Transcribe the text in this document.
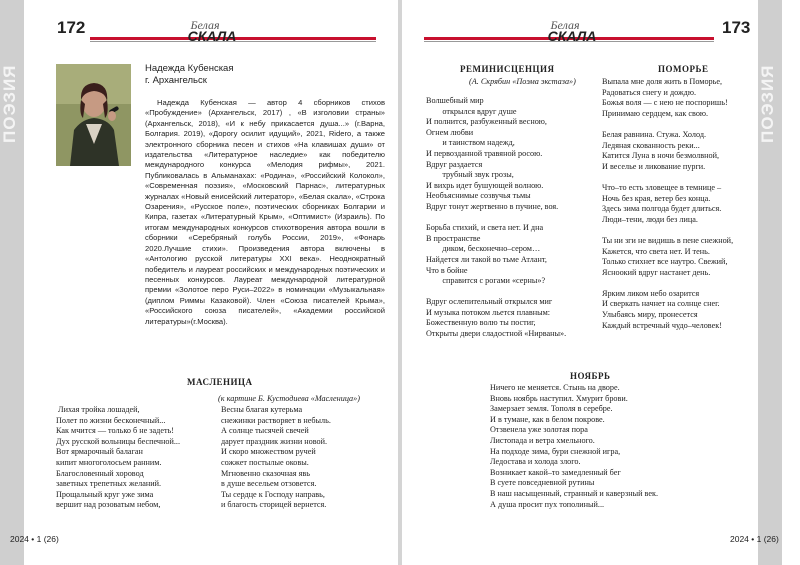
172	Белая
СКАЛА
ПОЭЗИЯ	Надежда Кубенская
г. Архангельск

Надежда Кубенская — автор 4 сборников стихов «Пробуждение» (Архангельск, 2017) , «В изголовии страны» (Архангельск, 2018), «И к небу прикасается душа...» (г.Варна, Болгария. 2019), «Дорогу осилит идущий», 2021, Ridero, а также электронного сборника песен и стихов «На клавишах души» от издательства «Литературное наследие» как победителю международного конкурса «Мелодия рифмы», 2021. Публиковалась в Альманахах: «Родина», «Российский Колокол», «Современная поэзия», «Московский Парнас», литературных журналах «Новый енисейский литератор», «Белая скала», «Строка Озарения», «Русское поле», поэтических сборниках Болгарии и Кипра, газетах «Литературный Крым», «Оптимист» (Израиль). По итогам международных конкурсов стихотворения автора вошли в сборники «Серебряный голубь России, 2019», «Фонарь 2020.Лучшие стихи». Произведения автора включены в «Антологию русской литературы XXI века». Неоднократный победитель и лауреат российских и международных поэтических и песенных конкурсов. Лауреат международной литературной премии «Золотое перо Руси–2022» в номинации «Музыкальная» (диплом Риммы Казаковой). Член «Союза писателей Крыма», «Российского союза писателей», «Академии российской литературы»(г.Москва).

МАСЛЕНИЦА
(к картине Б. Кустодиева «Масленица»)
Лихая тройка лошадей,
Полет по жизни бесконечный...
Как мчится — только б не задеть!
Дух русской вольницы беспечной...
Вот ярмарочный балаган
кипит многоголосьем ранним.
Благословенный хоровод
заветных трепетных желаний.
Прощальный круг уже зима
вершит над розоватым небом,
Весны благая кутерьма
снежинки растворяет в небыль.
А солнце тысячей свечей
дарует праздник жизни новой.
И скоро множеством ручей
сожжет постылые оковы.
Мгновенно сказочная явь
в душе весельем отзовется.
Ты сердце к Господу направь,
и благость сторицей вернется.
2024 • 1 (26)
173
Белая
СКАЛА
ПОЭЗИЯ
РЕМИНИСЦЕНЦИЯ
(А. Скрябин «Поэма экстаза»)
Волшебный мир
открылся вдруг душе
И полнится, разбуженный весною,
Огнем любви
и таинством надежд,
И первозданной травяной росою.
Вдруг раздается
трубный звук грозы,
И вихрь идет бушующей волною.
Необъяснимые созвучья тьмы
Вдруг тонут жертвенно в пучине, воя.
Борьба стихий, и света нет. И дна
В пространстве
диком, бесконечно–сером…
Найдется ли такой во тьме Атлант,
Что в бойне
справится с рогами «серны»?
Вдруг ослепительный открылся миг
И музыка потоком льется плавным:
Божественную волю ты постиг,
Открыты двери сладостной «Нирваны».
ПОМОРЬЕ
Выпала мне доля жить в Поморье,
Радоваться снегу и дождю.
Божья воля — с нею не поспоришь!
Принимаю сердцем, как свою.
Белая равнина. Стужа. Холод.
Ледяная скованность реки...
Катится Луна в ночи безмолвной,
И веселье и ликование пурги.
Что–то есть зловещее в темнице –
Ночь без края, ветер без конца.
Здесь зима полгода будет длиться.
Люди–тени, люди без лица.
Ты ни зги не видишь в пене снежной,
Кажется, что света нет. И тень.
Только стихнет все наутро. Свежий,
Ясноокий вдруг настанет день.
Ярким ликом небо озарится
И сверкать начнет на солнце снег.
Улыбаясь миру, пронесется
Каждый встречный чудо–человек!
НОЯБРЬ
Ничего не меняется. Стынь на дворе.
Вновь ноябрь наступил. Хмурит брови.
Замерзает земля. Тополя в серебре.
И в тумане, как в белом покрове.
Отзвенела уже золотая пора
Листопада и ветра хмельного.
На подходе зима, бури снежной игра,
Ледостава и холода злого.
Возникает какой–то замедленный бег
В суете повседневной рутины
В наш насыщенный, странный и каверзный век.
А душа просит пух тополиный...
2024 • 1 (26)
